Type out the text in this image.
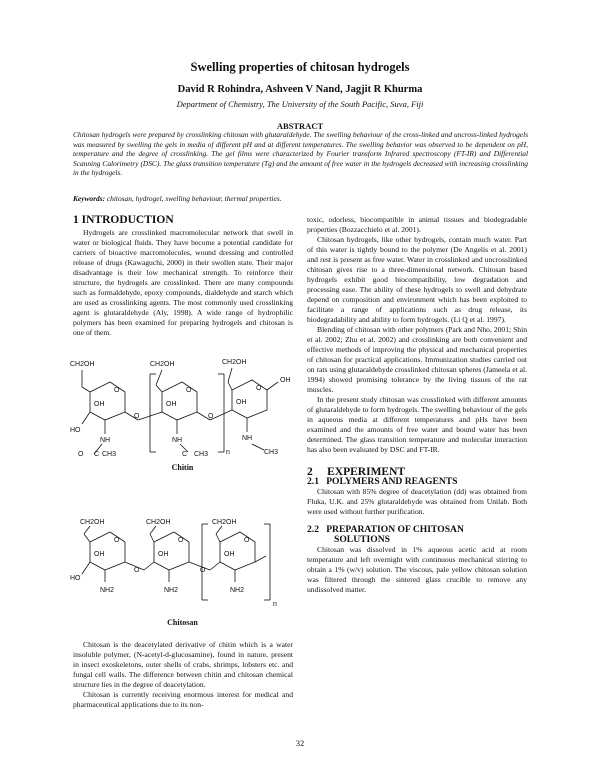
Swelling properties of chitosan hydrogels
David R Rohindra, Ashveen V Nand, Jagjit R Khurma
Department of Chemistry, The University of the South Pacific, Suva, Fiji
ABSTRACT
Chitosan hydrogels were prepared by crosslinking chitosan with glutaraldehyde. The swelling behaviour of the cross-linked and uncross-linked hydrogels was measured by swelling the gels in media of different pH and at different temperatures. The swelling behavior was observed to be dependent on pH, temperature and the degree of crosslinking. The gel films were characterized by Fourier transform Infrared spectroscopy (FT-IR) and Differential Scanning Calorimetry (DSC). The glass transition temperature (Tg) and the amount of free water in the hydrogels decreased with increasing crosslinking in the hydrogels.
Keywords: chitosan, hydrogel, swelling behaviour, thermal properties.
1 INTRODUCTION

Hydrogels are crosslinked macromolecular network that swell in water or biological fluids. They have become a potential candidate for carriers of bioactive macromolecules, wound dressing and controlled release of drugs (Kawaguchi, 2000) in their swollen state. Their major disadvantage is their low mechanical strength. To reinforce their structure, the hydrogels are crosslinked. There are many compounds such as formaldehyde, epoxy compounds, dialdehyde and starch which are used as crosslinking agents. The most commonly used crosslinking agent is glutaraldehyde (Aly, 1998). A wide range of hydrophilic polymers has been examined for preparing hydrogels and chitosan is one of them.

CH2OH	CH2OH	CH2OH
O	O	O
OH	OH	OH
HO
O	O
OH
NH	NH	NH
O C CH3	C CH3	CH3
n
Chitin
CH2OH	CH2OH	CH2OH
O	O	O
OH	OH	OH
HO
O	O
NH2	NH2	NH2
n
Chitosan

Chitosan is the deacetylated derivative of chitin which is a water insoluble polymer, (N-acetyl-d-glucosamine), found in nature, present in insect exoskeletons, outer shells of crabs, shrimps, lobsters etc. and fungal cell walls. The difference between chitin and chitosan chemical structure lies in the degree of deacetylation.

Chitosan is currently receiving enormous interest for medical and pharmaceutical applications due to its non-

toxic, odorless, biocompatible in animal tissues and biodegradable properties (Bozzacchielo et al. 2001).

Chitosan hydrogels, like other hydrogels, contain much water. Part of this water is tightly bound to the polymer (De Angelis et al. 2001) and rest is present as free water. Water in crosslinked and uncrosslinked chitosan gives rise to a three-dimensional network. Chitosan based hydrogels exhibit good biocompatibility, low degradation and processing ease. The ability of these hydrogels to swell and dehydrate depend on composition and environment which has been exploited to facilitate a range of applications such as drug release, its biodegradability and ability to form hydrogels. (Li Q et al. 1997).

Blending of chitosan with other polymers (Park and Nho, 2001; Shin et al. 2002; Zhu et al. 2002) and crosslinking are both convenient and effective methods of improving the physical and mechanical properties of chitosan for practical applications. Immunization studies carried out on rats using glutaraldehyde crosslinked chitosan spheres (Jameela et al. 1994) showed promising tolerance by the living tissues of the rat muscles.

In the present study chitosan was crosslinked with different amounts of glutaraldehyde to form hydrogels. The swelling behaviour of the gels in aqueous media at different temperatures and pHs have been examined and the amounts of free water and bound water has been determined. The glass transition temperature and molecular interaction has also been evaluated by DSC and FT-IR.

2     EXPERIMENT
2.1   POLYMERS AND REAGENTS

Chitosan with 85% degree of deacetylation (dd) was obtained from Fluka, U.K. and 25% glutaraldehyde was obtained from Unilab. Both were used without further purification.

2.2   PREPARATION OF CHITOSAN
SOLUTIONS

Chitosan was dissolved in 1% aqueous acetic acid at room temperature and left overnight with continuous mechanical stirring to obtain a 1% (w/v) solution. The viscous, pale yellow chitosan solution was filtered through the sintered glass crucible to remove any undissolved matter.

32
